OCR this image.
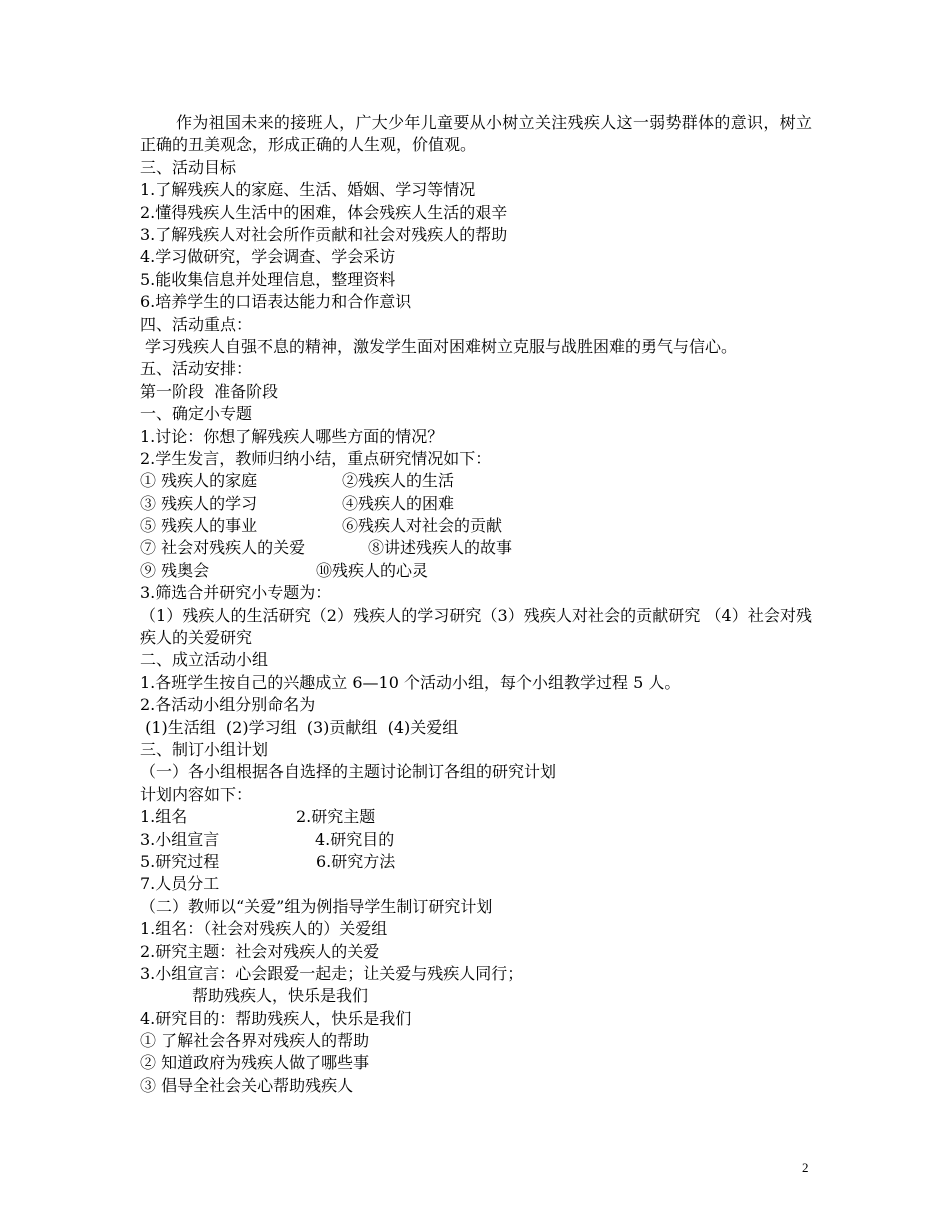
作为祖国未来的接班人，广大少年儿童要从小树立关注残疾人这一弱势群体的意识，树立正确的丑美观念，形成正确的人生观，价值观。
三、活动目标
1.了解残疾人的家庭、生活、婚姻、学习等情况
2.懂得残疾人生活中的困难，体会残疾人生活的艰辛
3.了解残疾人对社会所作贡献和社会对残疾人的帮助
4.学习做研究，学会调查、学会采访
5.能收集信息并处理信息，整理资料
6.培养学生的口语表达能力和合作意识
四、活动重点：
学习残疾人自强不息的精神，激发学生面对困难树立克服与战胜困难的勇气与信心。
五、活动安排：
第一阶段  准备阶段
一、确定小专题
1.讨论：你想了解残疾人哪些方面的情况？
2.学生发言，教师归纳小结，重点研究情况如下：
① 残疾人的家庭	②残疾人的生活
③ 残疾人的学习	④残疾人的困难
⑤ 残疾人的事业	⑥残疾人对社会的贡献
⑦ 社会对残疾人的关爱	⑧讲述残疾人的故事
⑨ 残奥会	⑩残疾人的心灵
3.筛选合并研究小专题为：
（1）残疾人的生活研究（2）残疾人的学习研究（3）残疾人对社会的贡献研究 （4）社会对残疾人的关爱研究
二、成立活动小组
1.各班学生按自己的兴趣成立 6—10 个活动小组，每个小组教学过程 5 人。
2.各活动小组分别命名为
(1)生活组  (2)学习组  (3)贡献组  (4)关爱组
三、制订小组计划
（一）各小组根据各自选择的主题讨论制订各组的研究计划
计划内容如下：
1.组名	2.研究主题
3.小组宣言	4.研究目的
5.研究过程	6.研究方法
7.人员分工
（二）教师以“关爱”组为例指导学生制订研究计划
1.组名：（社会对残疾人的）关爱组
2.研究主题：社会对残疾人的关爱
3.小组宣言：心会跟爱一起走；让关爱与残疾人同行；
帮助残疾人，快乐是我们
4.研究目的：帮助残疾人，快乐是我们
① 了解社会各界对残疾人的帮助
② 知道政府为残疾人做了哪些事
③ 倡导全社会关心帮助残疾人
2
